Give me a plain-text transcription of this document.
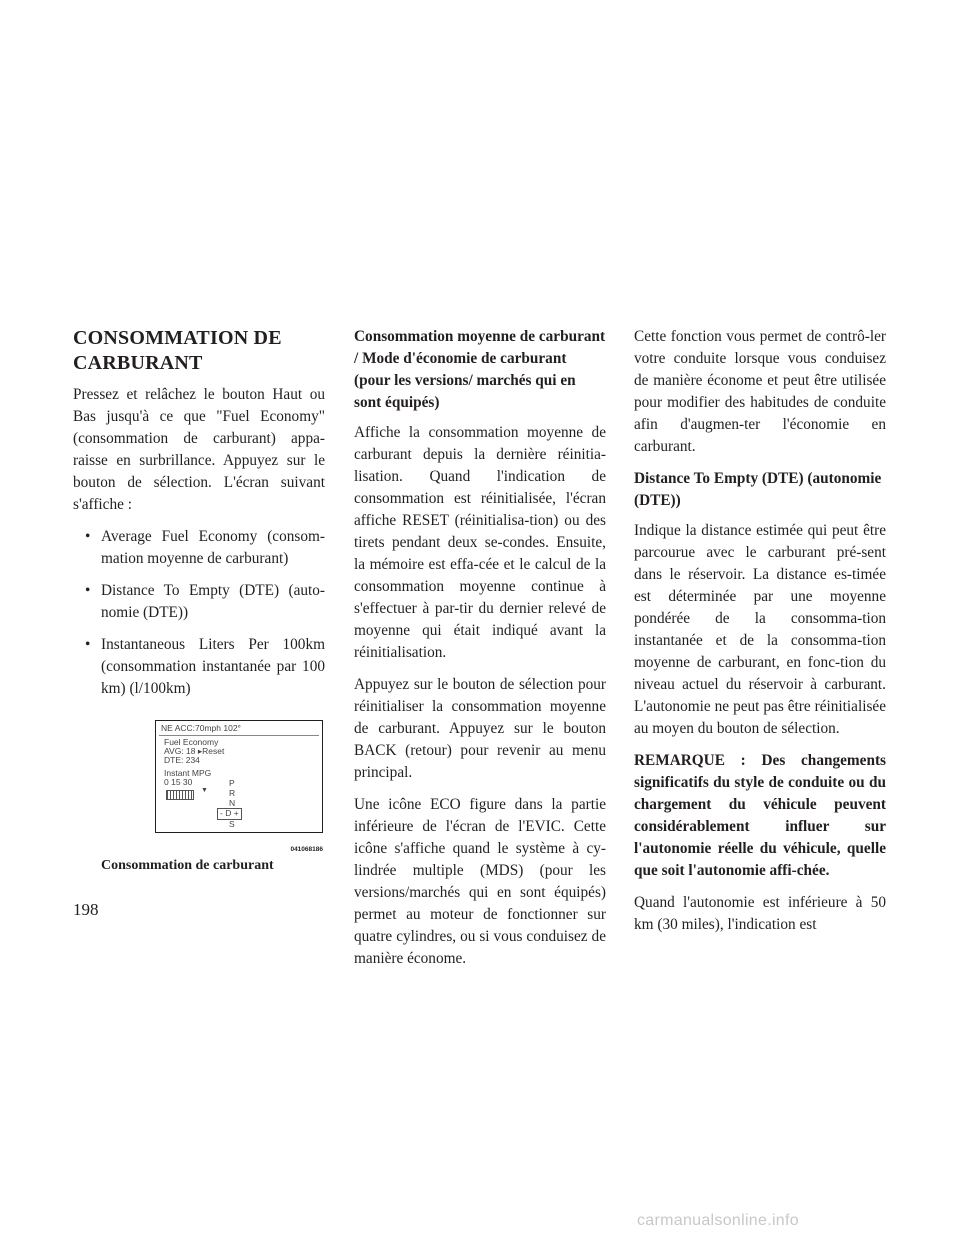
CONSOMMATION DE
CARBURANT

Pressez et relâchez le bouton Haut ou Bas jusqu'à ce que "Fuel Economy" (consommation de carburant) appa-raisse en surbrillance. Appuyez sur le bouton de sélection. L'écran suivant s'affiche :

• Average Fuel Economy (consom-mation moyenne de carburant)
• Distance To Empty (DTE) (auto-nomie (DTE))
• Instantaneous Liters Per 100km (consommation instantanée par 100 km) (l/100km)
NE ACC:70mph 102°
Fuel Economy
AVG: 18 ▸Reset
DTE: 234
Instant MPG
0 15 30
▼
P
R
N
- D +
S
041068186
Consommation de carburant

Consommation moyenne de carburant / Mode d'économie de carburant (pour les versions/ marchés qui en sont équipés)

Affiche la consommation moyenne de carburant depuis la dernière réinitia-lisation. Quand l'indication de consommation est réinitialisée, l'écran affiche RESET (réinitialisa-tion) ou des tirets pendant deux se-condes. Ensuite, la mémoire est effa-cée et le calcul de la consommation moyenne continue à s'effectuer à par-tir du dernier relevé de moyenne qui était indiqué avant la réinitialisation.

Appuyez sur le bouton de sélection pour réinitialiser la consommation moyenne de carburant. Appuyez sur le bouton BACK (retour) pour revenir au menu principal.

Une icône ECO figure dans la partie inférieure de l'écran de l'EVIC. Cette icône s'affiche quand le système à cy-lindrée multiple (MDS) (pour les versions/marchés qui en sont équipés) permet au moteur de fonctionner sur quatre cylindres, ou si vous conduisez de manière économe.

Cette fonction vous permet de contrô-ler votre conduite lorsque vous conduisez de manière économe et peut être utilisée pour modifier des habitudes de conduite afin d'augmen-ter l'économie en carburant.

Distance To Empty (DTE) (autonomie (DTE))

Indique la distance estimée qui peut être parcourue avec le carburant pré-sent dans le réservoir. La distance es-timée est déterminée par une moyenne pondérée de la consomma-tion instantanée et de la consomma-tion moyenne de carburant, en fonc-tion du niveau actuel du réservoir à carburant. L'autonomie ne peut pas être réinitialisée au moyen du bouton de sélection.

REMARQUE : Des changements significatifs du style de conduite ou du chargement du véhicule peuvent considérablement influer sur l'autonomie réelle du véhicule, quelle que soit l'autonomie affi-chée.

Quand l'autonomie est inférieure à 50 km (30 miles), l'indication est

198
carmanualsonline.info
